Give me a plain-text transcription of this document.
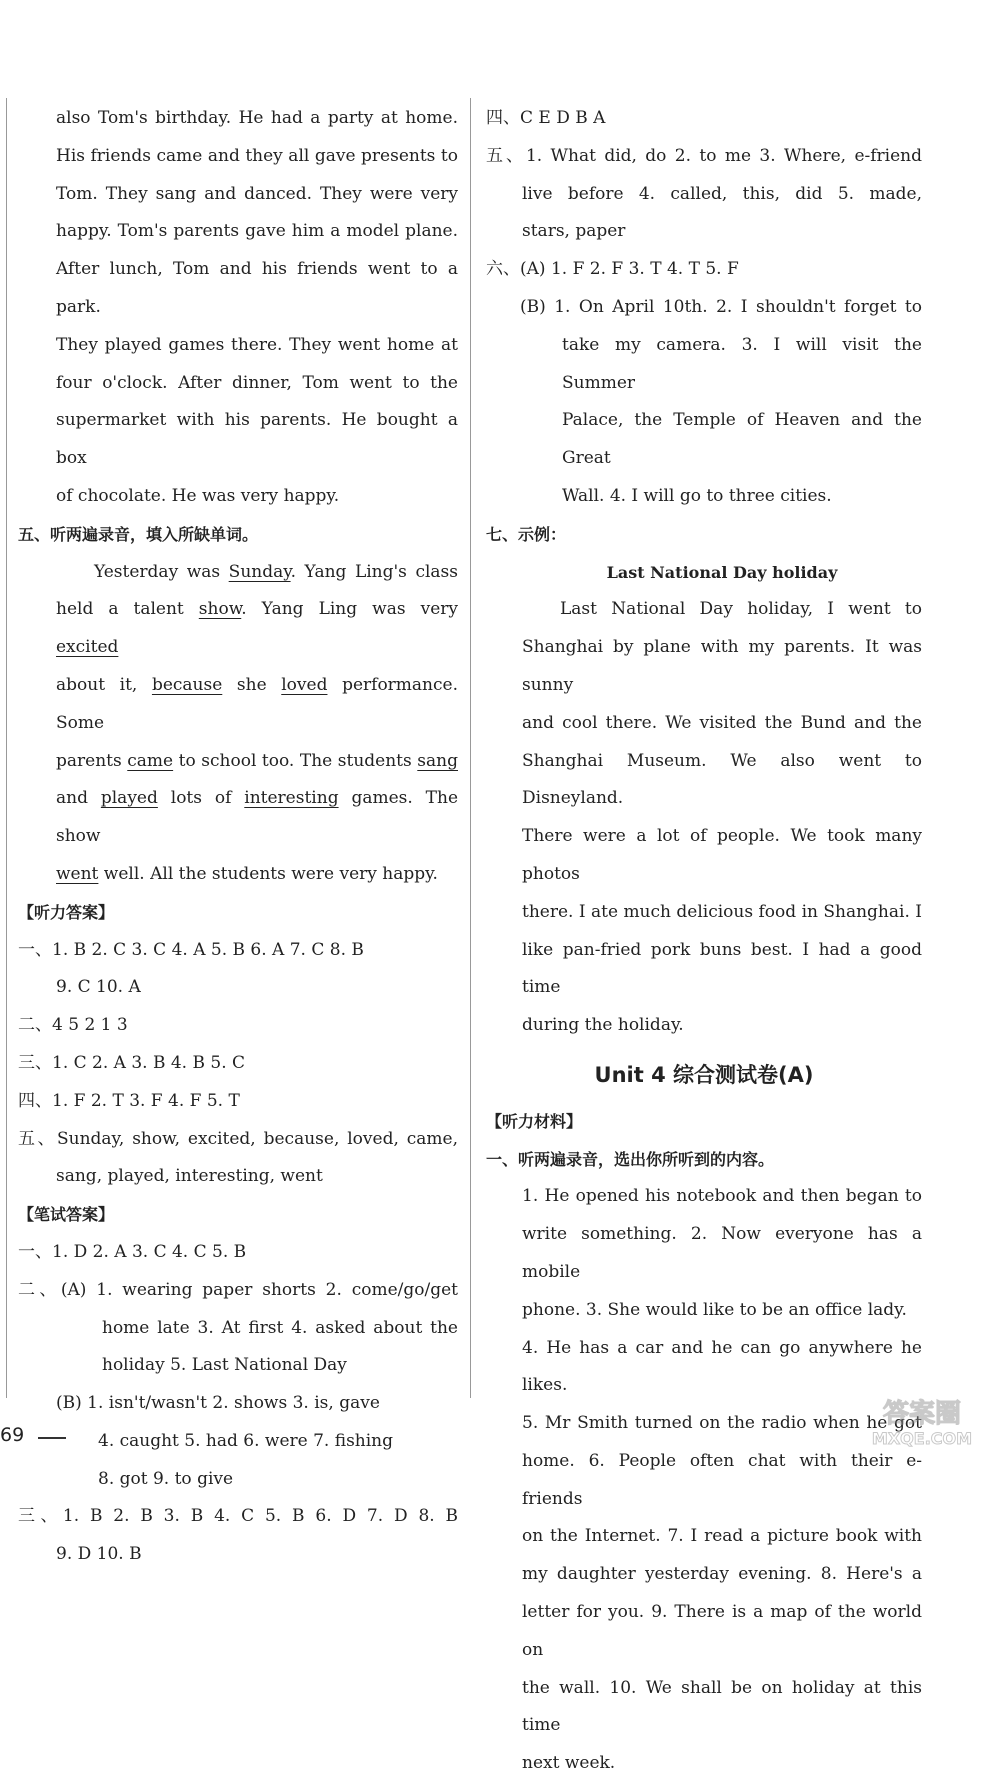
also Tom's birthday. He had a party at home.

His friends came and they all gave presents to

Tom. They sang and danced. They were very

happy. Tom's parents gave him a model plane.

After lunch, Tom and his friends went to a park.

They played games there. They went home at

four o'clock. After dinner, Tom went to the

supermarket with his parents. He bought a box

of chocolate. He was very happy.

五、听两遍录音，填入所缺单词。

Yesterday was Sunday. Yang Ling's class

held a talent show. Yang Ling was very excited

about it, because she loved performance. Some

parents came to school too. The students sang

and played lots of interesting games. The show

went well. All the students were very happy.

【听力答案】

一、1. B 2. C 3. C 4. A 5. B 6. A 7. C 8. B

9. C 10. A

二、4 5 2 1 3

三、1. C 2. A 3. B 4. B 5. C

四、1. F 2. T 3. F 4. F 5. T

五、Sunday, show, excited, because, loved, came,

sang, played, interesting, went

【笔试答案】

一、1. D 2. A 3. C 4. C 5. B

二、(A) 1. wearing paper shorts 2. come/go/get

home late 3. At first 4. asked about the

holiday 5. Last National Day

(B) 1. isn't/wasn't 2. shows 3. is, gave

4. caught 5. had 6. were 7. fishing

8. got 9. to give

三、1. B 2. B 3. B 4. C 5. B 6. D 7. D 8. B

9. D 10. B

四、C E D B A

五、1. What did, do 2. to me 3. Where, e-friend

live before 4. called, this, did 5. made,

stars, paper

六、(A) 1. F 2. F 3. T 4. T 5. F

(B) 1. On April 10th. 2. I shouldn't forget to

take my camera. 3. I will visit the Summer

Palace, the Temple of Heaven and the Great

Wall. 4. I will go to three cities.

七、示例：

Last National Day holiday

Last National Day holiday, I went to

Shanghai by plane with my parents. It was sunny

and cool there. We visited the Bund and the

Shanghai Museum. We also went to Disneyland.

There were a lot of people. We took many photos

there. I ate much delicious food in Shanghai. I

like pan-fried pork buns best. I had a good time

during the holiday.

Unit 4 综合测试卷(A)

【听力材料】

一、听两遍录音，选出你所听到的内容。

1. He opened his notebook and then began to

write something. 2. Now everyone has a mobile

phone. 3. She would like to be an office lady.

4. He has a car and he can go anywhere he likes.

5. Mr Smith turned on the radio when he got

home. 6. People often chat with their e-friends

on the Internet. 7. I read a picture book with

my daughter yesterday evening. 8. Here's a

letter for you. 9. There is a map of the world on

the wall. 10. We shall be on holiday at this time

next week.

69
答案圈
MXQE.COM
